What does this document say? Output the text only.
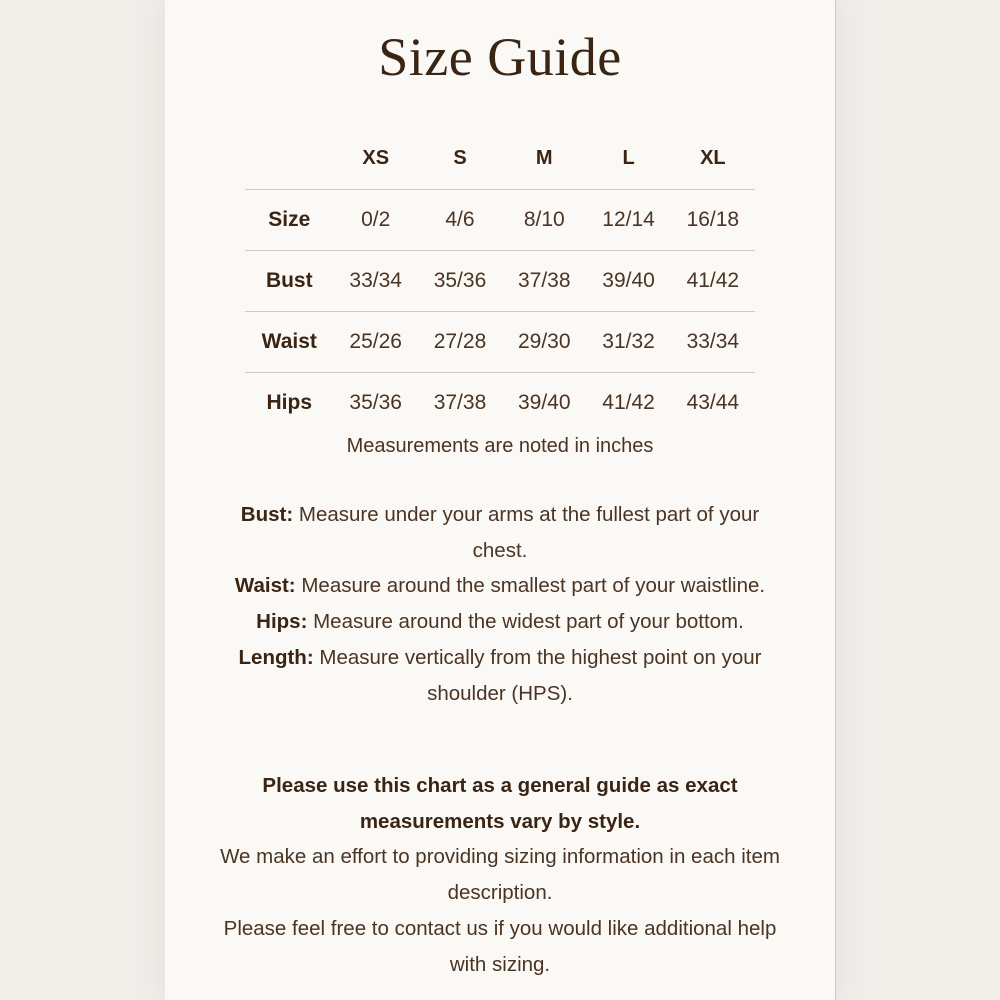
Size Guide
	XS	S	M	L	XL
Size	0/2	4/6	8/10	12/14	16/18
Bust	33/34	35/36	37/38	39/40	41/42
Waist	25/26	27/28	29/30	31/32	33/34
Hips	35/36	37/38	39/40	41/42	43/44
Measurements are noted in inches

Bust: Measure under your arms at the fullest part of your chest.

Waist: Measure around the smallest part of your waistline.

Hips: Measure around the widest part of your bottom.

Length: Measure vertically from the highest point on your shoulder (HPS).

Please use this chart as a general guide as exact measurements vary by style.

We make an effort to providing sizing information in each item description.

Please feel free to contact us if you would like additional help with sizing.
